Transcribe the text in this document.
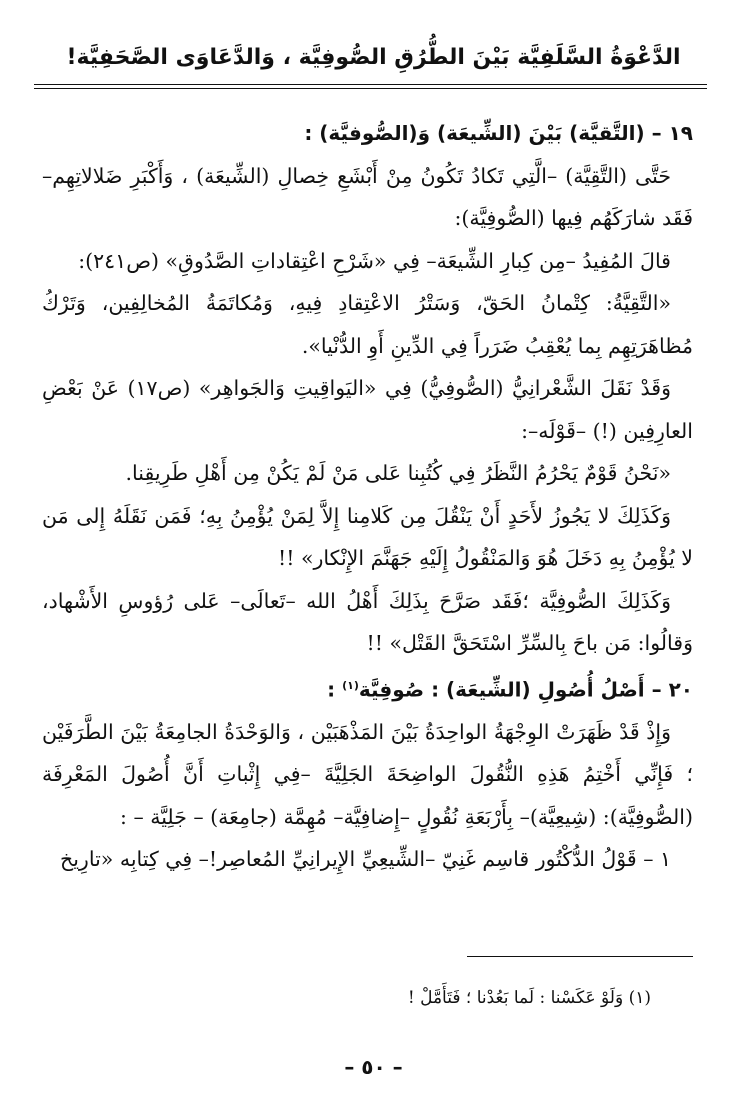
الدَّعْوَةُ السَّلَفِيَّة بَيْنَ الطُّرُقِ الصُّوفِيَّة ، وَالدَّعَاوَى الصَّحَفِيَّة!

١٩ – (التَّقيَّة) بَيْنَ (الشِّيعَة) وَ(الصُّوفيَّة) :

حَتَّى (التَّقِيَّة) –الَّتِي تَكادُ تَكُونُ مِنْ أَبْشَعِ خِصالِ (الشِّيعَة) ، وَأَكْبَرِ ضَلالاتِهِم– فَقَد شارَكَهُم فِيها (الصُّوفِيَّة):

قالَ المُفِيدُ –مِن كِبارِ الشِّيعَة– فِي «شَرْحِ اعْتِقاداتِ الصَّدُوقِ» (ص٢٤١):

«التَّقِيَّةُ: كِتْمانُ الحَقّ، وَسَتْرُ الاعْتِقادِ فِيهِ، وَمُكاتَمَةُ المُخالِفِين، وَتَرْكُ مُظاهَرَتِهِم بِما يُعْقِبُ ضَرَراً فِي الدِّينِ أَوِ الدُّنْيا».

وَقَدْ نَقَلَ الشَّعْرانِيُّ (الصُّوفِيُّ) فِي «اليَواقِيتِ وَالجَواهِر» (ص١٧) عَنْ بَعْضِ العارِفِين (!) –قَوْلَه–:

«نَحْنُ قَوْمٌ يَحْرُمُ النَّظَرُ فِي كُتُبِنا عَلى مَنْ لَمْ يَكُنْ مِن أَهْلِ طَرِيقِنا.

وَكَذَلِكَ لا يَجُوزُ لأَحَدٍ أَنْ يَنْقُلَ مِن كَلامِنا إِلاَّ لِمَنْ يُؤْمِنُ بِهِ؛ فَمَن نَقَلَهُ إِلى مَن لا يُؤْمِنُ بِهِ دَخَلَ هُوَ وَالمَنْقُولُ إِلَيْهِ جَهَنَّمَ الإِنْكار» !!

وَكَذَلِكَ الصُّوفِيَّة ؛فَقَد صَرَّحَ بِذَلِكَ أَهْلُ الله –تَعالَى– عَلى رُؤوسِ الأَشْهاد، وَقالُوا: مَن باحَ بِالسِّرِّ اسْتَحَقَّ القَتْل» !!

٢٠ – أَصْلُ أُصُولِ (الشِّيعَة) : صُوفِيَّة$^{(١)}$ :

وَإِذْ قَدْ ظَهَرَتْ الوِجْهَةُ الواحِدَةُ بَيْنَ المَذْهَبَيْن ، وَالوَحْدَةُ الجامِعَةُ بَيْنَ الطَّرَفَيْن ؛ فَإِنِّي أَخْتِمُ هَذِهِ النُّقُولَ الواضِحَةَ الجَلِيَّةَ –فِي إِثْباتِ أَنَّ أُصُولَ المَعْرِفَة (الصُّوفِيَّة): (شِيعِيَّة)– بِأَرْبَعَةِ نُقُولٍ –إِضافِيَّة– مُهِمَّة (جامِعَة) – جَلِيَّة – :

١ – قَوْلُ الدُّكْتُور قاسِم غَنِيّ –الشِّيعِيِّ الإِيرانِيِّ المُعاصِر!– فِي كِتابِه «تارِيخ

(١) وَلَوْ عَكَسْنا : لَما بَعُدْنا ؛ فَتَأَمَّلْ !
– ٥٠ –
